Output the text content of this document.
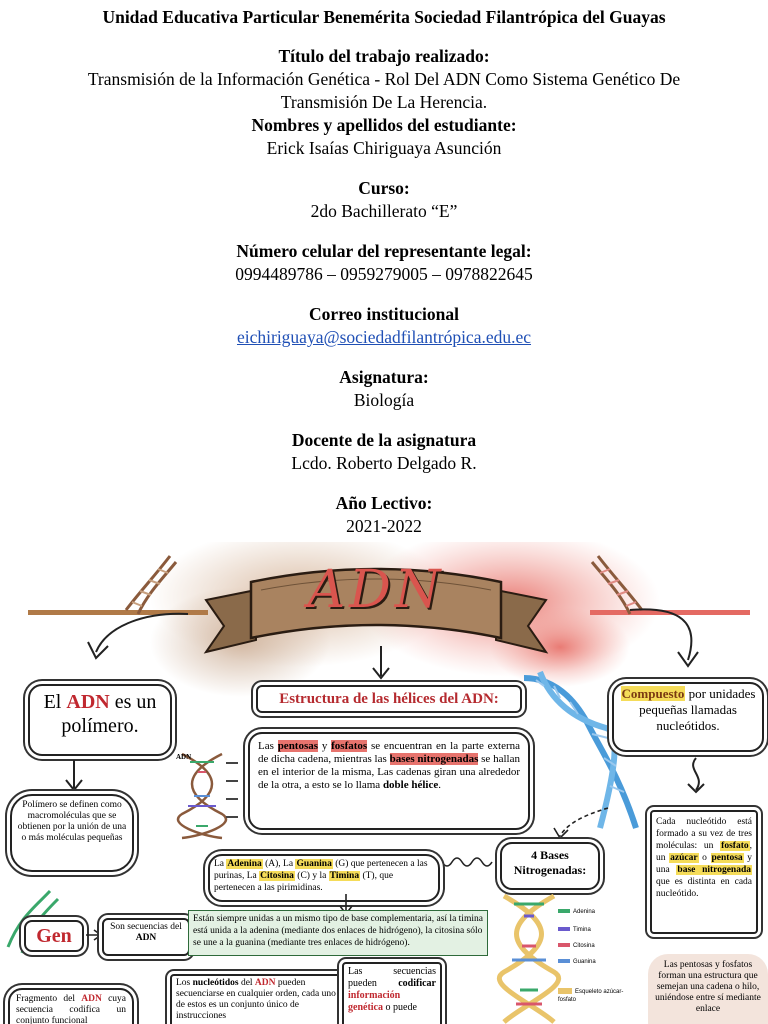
Unidad Educativa Particular Benemérita Sociedad Filantrópica del Guayas
Título del trabajo realizado:
Transmisión de la Información Genética - Rol Del ADN Como Sistema Genético De
Transmisión De La Herencia.
Nombres y apellidos del estudiante:
Erick Isaías Chiriguaya Asunción
Curso:
2do Bachillerato “E”
Número celular del representante legal:
0994489786 – 0959279005 – 0978822645
Correo institucional
eichiriguaya@sociedadfilantrópica.edu.ec
Asignatura:
Biología
Docente de la asignatura
Lcdo. Roberto Delgado R.
Año Lectivo:
2021-2022
ADN
El ADN es un polímero.
Polímero se definen como macromoléculas que se obtienen por la unión de una o más moléculas pequeñas
Gen	Son secuencias del ADN
Fragmento del ADN cuya secuencia codifica un conjunto funcional
Estructura de las hélices del ADN:
ADN
Las pentosas y fosfatos se encuentran en la parte externa de dicha cadena, mientras las bases nitrogenadas se hallan en el interior de la misma, Las cadenas giran una alrededor de la otra, a esto se lo llama doble hélice.
Compuesto por unidades pequeñas llamadas nucleótidos.
Cada nucleótido está formado a su vez de tres moléculas: un fosfato, un azúcar o pentosa y una base nitrogenada que es distinta en cada nucleótido.
4 Bases Nitrogenadas:
La Adenina (A), La Guanina (G) que pertenecen a las purinas, La Citosina (C) y la Timina (T), que pertenecen a las pirimidinas.
Están siempre unidas a un mismo tipo de base complementaria, así la timina está unida a la adenina (mediante dos enlaces de hidrógeno), la citosina sólo se une a la guanina (mediante tres enlaces de hidrógeno).
Adenina
Timina
Citosina
Guanina
Esqueleto azúcar-fosfato
Los nucleótidos del ADN pueden secuenciarse en cualquier orden, cada uno de estos es un conjunto único de instrucciones
Las secuencias pueden codificar información genética o puede
Las pentosas y fosfatos forman una estructura que semejan una cadena o hilo, uniéndose entre sí mediante enlace
